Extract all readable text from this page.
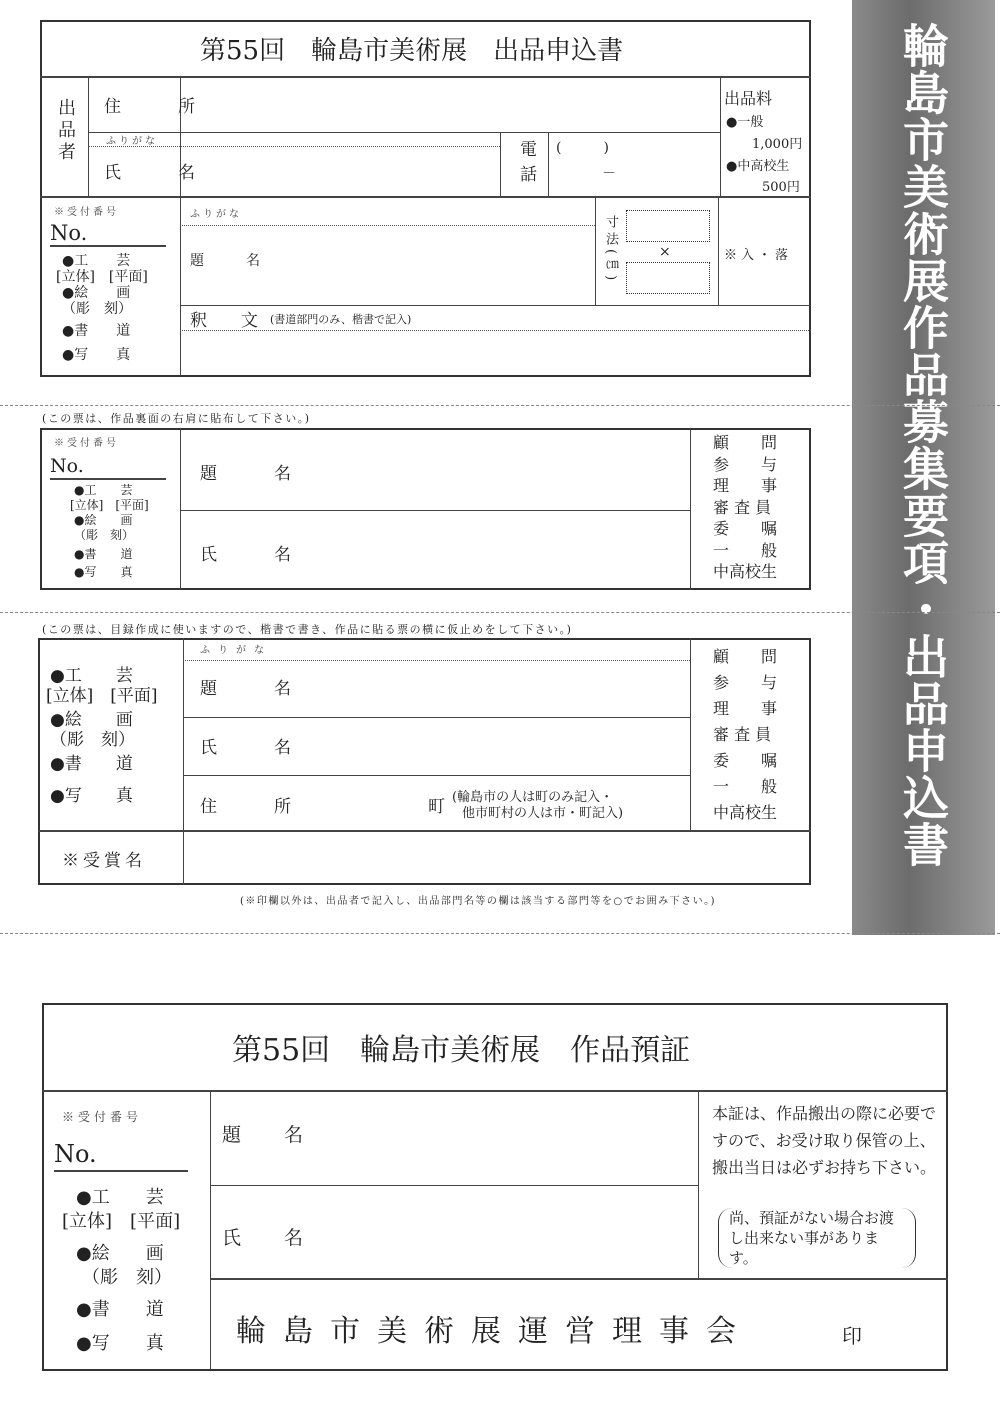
輪島市美術展作品募集要項・出品申込書
第55回　輪島市美術展　出品申込書
出品者 住　所
ふりがな
氏　名	電話 (　　　)
－
出品料
●一般
1,000円
●中高校生
500円
※受付番号
No.
●工　　芸
[立体]　[平面]
●絵　　画
（彫　刻）
●書　　道
●写　　真
ふりがな
題　名	寸法(㎝)	×	※入・落
釈　　文 (書道部門のみ、楷書で記入)
(この票は、作品裏面の右肩に貼布して下さい。)
※受付番号
No.
●工　　芸
[立体]　[平面]
●絵　　画
（彫　刻）
●書　　道
●写　　真
題　名
氏　名
顧　　問
参　　与
理　　事
審 査 員
委　　嘱
一　　般
中高校生
(この票は、目録作成に使いますので、楷書で書き、作品に貼る票の横に仮止めをして下さい。)
●工　　芸
[立体]　[平面]
●絵　　画
（彫　刻）
●書　　道
●写　　真
ふりがな
題　名
氏　名
住　所	町 (輪島市の人は町のみ記入・
他市町村の人は市・町記入)
顧　　問
参　　与
理　　事
審 査 員
委　　嘱
一　　般
中高校生
※受賞名
(※印欄以外は、出品者で記入し、出品部門名等の欄は該当する部門等を○でお囲み下さい。)
第55回　輪島市美術展　作品預証
※受付番号
No.
●工　　芸
[立体]　[平面]
●絵　　画
（彫　刻）
●書　　道
●写　　真
題　名
氏　名
本証は、作品搬出の際に必要ですので、お受け取り保管の上、搬出当日は必ずお持ち下さい。
尚、預証がない場合お渡し出来ない事があります。
輪島市美術展運営理事会	印
